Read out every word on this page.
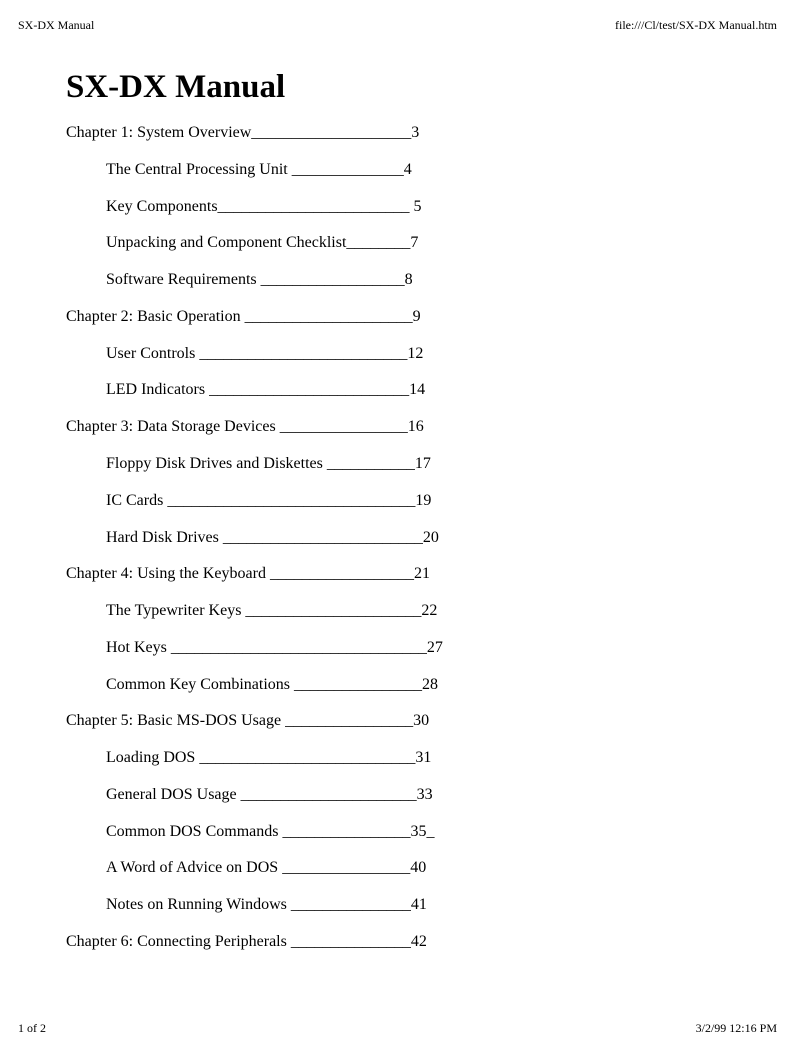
SX-DX Manual	file:///Cl/test/SX-DX Manual.htm
SX-DX Manual
Chapter 1: System Overview____________________3
The Central Processing Unit ______________4
Key Components________________________ 5
Unpacking and Component Checklist________7
Software Requirements __________________8
Chapter 2: Basic Operation _____________________9
User Controls __________________________12
LED Indicators _________________________14
Chapter 3: Data Storage Devices ________________16
Floppy Disk Drives and Diskettes ___________17
IC Cards _______________________________19
Hard Disk Drives _________________________20
Chapter 4: Using the Keyboard __________________21
The Typewriter Keys ______________________22
Hot Keys ________________________________27
Common Key Combinations ________________28
Chapter 5: Basic MS-DOS Usage ________________30
Loading DOS ___________________________31
General DOS Usage ______________________33
Common DOS Commands ________________35_
A Word of Advice on DOS ________________40
Notes on Running Windows _______________41
Chapter 6: Connecting Peripherals _______________42
1 of 2	3/2/99 12:16 PM
